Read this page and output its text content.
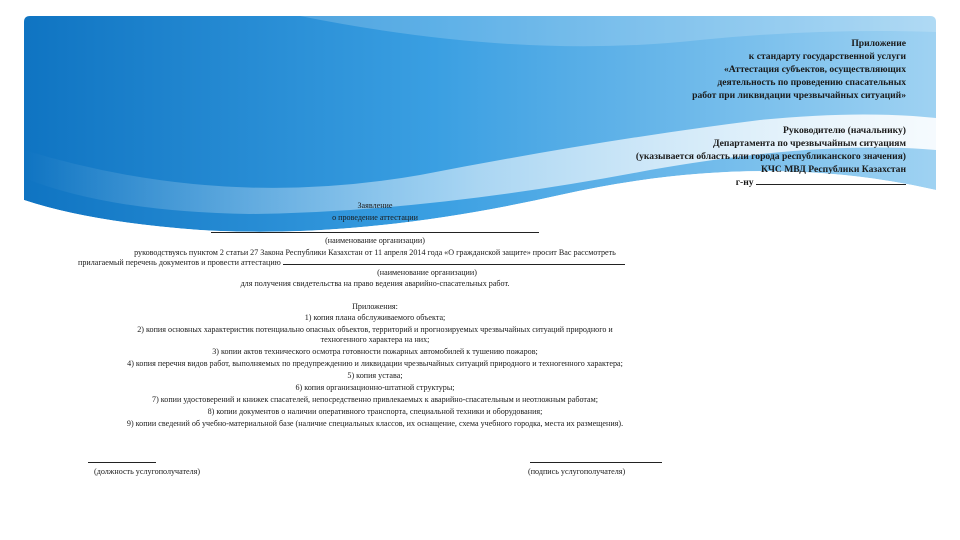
Приложение
к стандарту государственной услуги
«Аттестация субъектов, осуществляющих
деятельность по проведению спасательных
работ при ликвидации чрезвычайных ситуаций»
Руководителю (начальнику)
Департамента по чрезвычайным ситуациям
(указывается область или города республиканского значения)
КЧС МВД Республики Казахстан
г-ну
Заявление
о проведение аттестации
(наименование организации)
руководствуясь пунктом 2 статьи 27 Закона Республики Казахстан от 11 апреля 2014 года «О гражданской защите» просит Вас рассмотреть
прилагаемый перечень документов и провести аттестацию
(наименование организации)
для получения свидетельства на право ведения аварийно-спасательных работ.
Приложения:
1) копия плана обслуживаемого объекта;
2) копия основных характеристик потенциально опасных объектов, территорий и прогнозируемых чрезвычайных ситуаций природного и
техногенного характера на них;
3) копии актов технического осмотра готовности пожарных автомобилей к тушению пожаров;
4) копия перечня видов работ, выполняемых по предупреждению и ликвидации чрезвычайных ситуаций природного и техногенного характера;
5) копия устава;
6) копия организационно-штатной структуры;
7) копии удостоверений и книжек спасателей, непосредственно привлекаемых к аварийно-спасательным и неотложным работам;
8) копии документов о наличии оперативного транспорта, специальной техники и оборудования;
9) копии сведений об учебно-материальной базе (наличие специальных классов, их оснащение, схема учебного городка, места их размещения).
(должность услугополучателя)	(подпись услугополучателя)
